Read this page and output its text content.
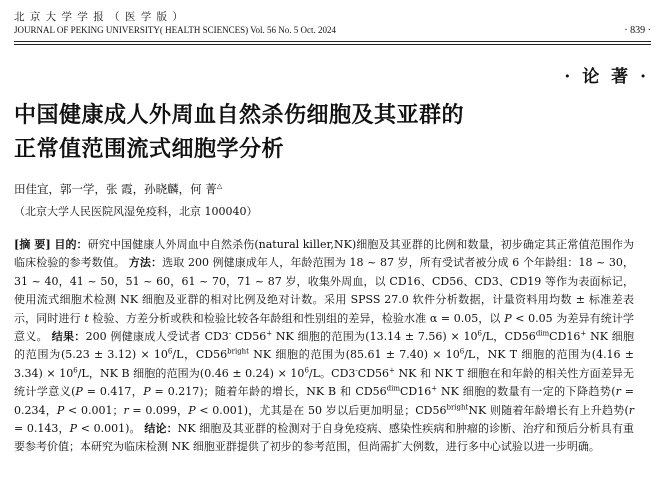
北 京 大 学 学 报 （ 医 学 版 ）
JOURNAL OF PEKING UNIVERSITY( HEALTH SCIENCES) Vol. 56 No. 5 Oct. 2024	· 839 ·
· 论 著 ·
中国健康成人外周血自然杀伤细胞及其亚群的
正常值范围流式细胞学分析
田佳宜，郭一学，张 霞，孙晓麟，何 菁△
（北京大学人民医院风湿免疫科，北京 100040）
[摘 要] 目的：研究中国健康人外周血中自然杀伤(natural killer,NK)细胞及其亚群的比例和数量，初步确定其正常值范围作为临床检验的参考数值。 方法：选取 200 例健康成年人，年龄范围为 18 ~ 87 岁，所有受试者被分成 6 个年龄组：18 ~ 30，31 ~ 40，41 ~ 50，51 ~ 60，61 ~ 70，71 ~ 87 岁，收集外周血，以 CD16、CD56、CD3、CD19 等作为表面标记，使用流式细胞术检测 NK 细胞及亚群的相对比例及绝对计数。采用 SPSS 27.0 软件分析数据，计量资料用均数 ± 标准差表示，同时进行 t 检验、方差分析或秩和检验比较各年龄组和性别组的差异，检验水准 α = 0.05，以 P < 0.05 为差异有统计学意义。 结果：200 例健康成人受试者 CD3- CD56+ NK 细胞的范围为$(13.14 \pm 7.56) \times 10^6/L$，$CD56^{dim}CD16^+$ NK 细胞的范围为$(5.23 \pm 3.12) \times 10^6/L$，$CD56^{bright}$ NK 细胞的范围为$(85.61 \pm 7.40) \times 10^6/L$，NK T 细胞的范围为$(4.16 \pm 3.34) \times 10^6/L$，NK B 细胞的范围为$(0.46 \pm 0.24) \times 10^6/L$。CD3-CD56+ NK 和 NK T 细胞在和年龄的相关性方面差异无统计学意义(P = 0.417，P = 0.217)；随着年龄的增长，NK B 和 $CD56^{dim}CD16^+$ NK 细胞的数量有一定的下降趋势(r = 0.234，P < 0.001；r = 0.099，P < 0.001)，尤其是在 50 岁以后更加明显；$CD56^{bright}NK$ 则随着年龄增长有上升趋势(r = 0.143，P < 0.001)。 结论：NK 细胞及其亚群的检测对于自身免疫病、感染性疾病和肿瘤的诊断、治疗和预后分析具有重要参考价值；本研究为临床检测 NK 细胞亚群提供了初步的参考范围，但尚需扩大例数，进行多中心试验以进一步明确。
